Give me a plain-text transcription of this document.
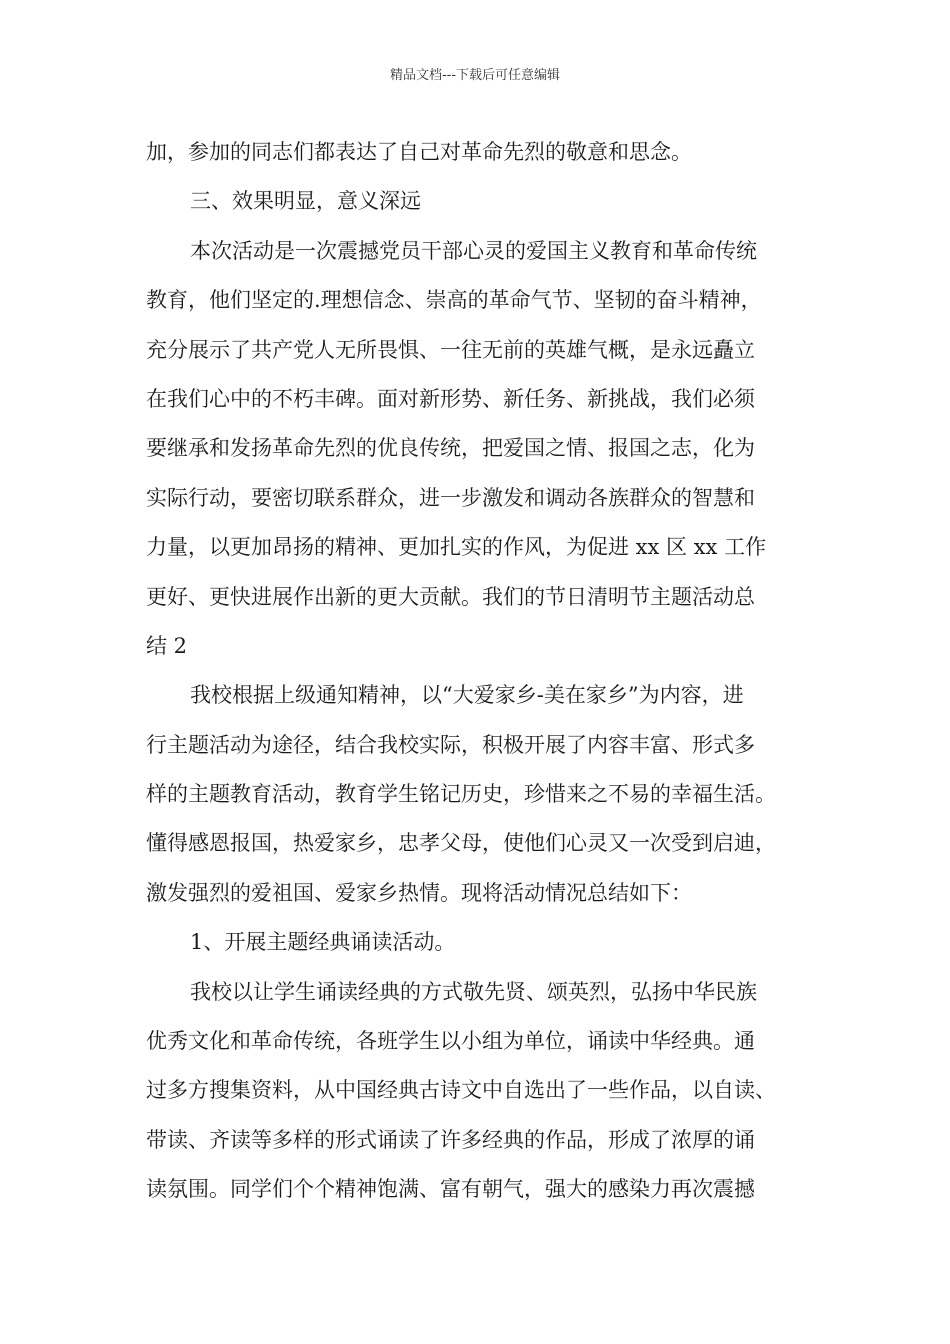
精品文档---下载后可任意编辑
加，参加的同志们都表达了自己对革命先烈的敬意和思念。
三、效果明显，意义深远
本次活动是一次震撼党员干部心灵的爱国主义教育和革命传统
教育，他们坚定的.理想信念、崇高的革命气节、坚韧的奋斗精神，
充分展示了共产党人无所畏惧、一往无前的英雄气概，是永远矗立
在我们心中的不朽丰碑。面对新形势、新任务、新挑战，我们必须
要继承和发扬革命先烈的优良传统，把爱国之情、报国之志，化为
实际行动，要密切联系群众，进一步激发和调动各族群众的智慧和
力量，以更加昂扬的精神、更加扎实的作风，为促进 xx 区 xx 工作
更好、更快进展作出新的更大贡献。我们的节日清明节主题活动总
结 2
我校根据上级通知精神，以“大爱家乡-美在家乡”为内容，进
行主题活动为途径，结合我校实际，积极开展了内容丰富、形式多
样的主题教育活动，教育学生铭记历史，珍惜来之不易的幸福生活。
懂得感恩报国，热爱家乡，忠孝父母，使他们心灵又一次受到启迪，
激发强烈的爱祖国、爱家乡热情。现将活动情况总结如下：
1、开展主题经典诵读活动。
我校以让学生诵读经典的方式敬先贤、颂英烈，弘扬中华民族
优秀文化和革命传统，各班学生以小组为单位，诵读中华经典。通
过多方搜集资料，从中国经典古诗文中自选出了一些作品，以自读、
带读、齐读等多样的形式诵读了许多经典的作品，形成了浓厚的诵
读氛围。同学们个个精神饱满、富有朝气，强大的感染力再次震撼
